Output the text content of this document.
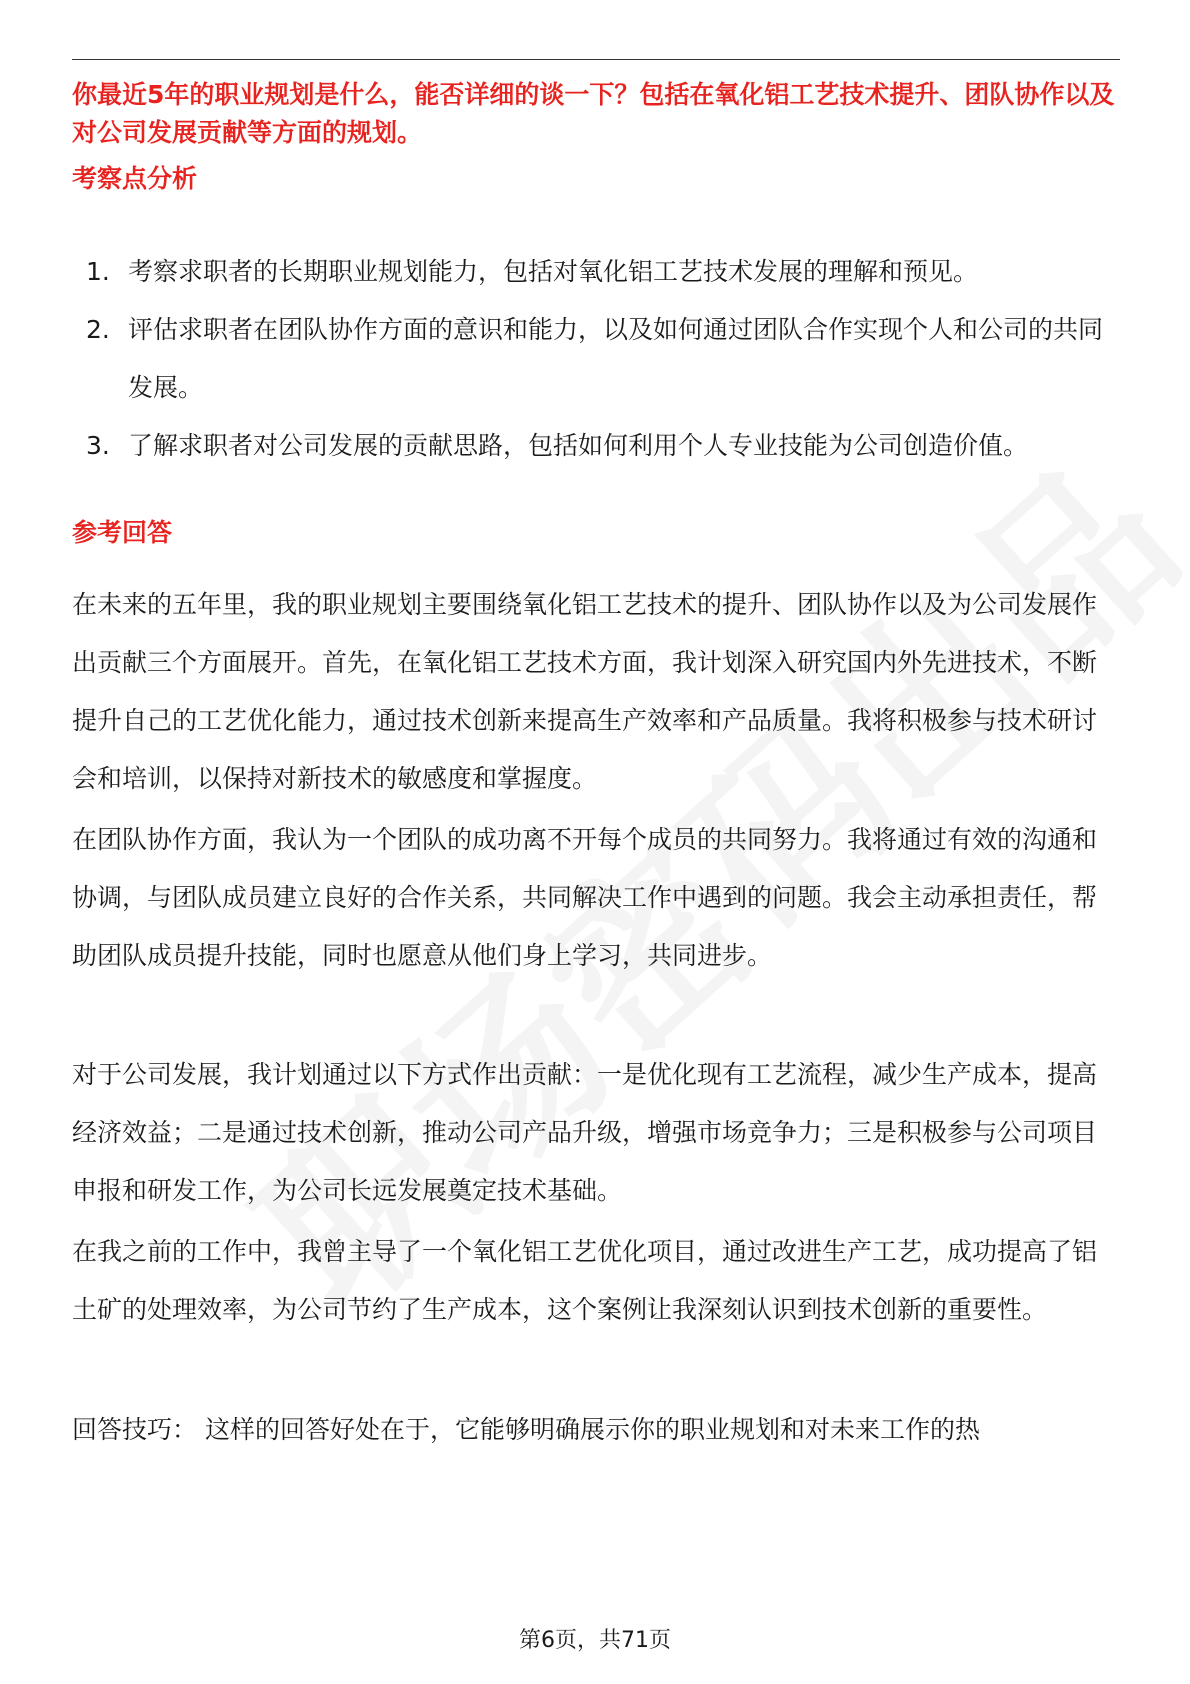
你最近5年的职业规划是什么，能否详细的谈一下？包括在氧化铝工艺技术提升、团队协作以及对公司发展贡献等方面的规划。
考察点分析
1. 考察求职者的长期职业规划能力，包括对氧化铝工艺技术发展的理解和预见。
2. 评估求职者在团队协作方面的意识和能力，以及如何通过团队合作实现个人和公司的共同发展。
3. 了解求职者对公司发展的贡献思路，包括如何利用个人专业技能为公司创造价值。
参考回答

在未来的五年里，我的职业规划主要围绕氧化铝工艺技术的提升、团队协作以及为公司发展作出贡献三个方面展开。首先，在氧化铝工艺技术方面，我计划深入研究国内外先进技术，不断提升自己的工艺优化能力，通过技术创新来提高生产效率和产品质量。我将积极参与技术研讨会和培训，以保持对新技术的敏感度和掌握度。

在团队协作方面，我认为一个团队的成功离不开每个成员的共同努力。我将通过有效的沟通和协调，与团队成员建立良好的合作关系，共同解决工作中遇到的问题。我会主动承担责任，帮助团队成员提升技能，同时也愿意从他们身上学习，共同进步。

对于公司发展，我计划通过以下方式作出贡献：一是优化现有工艺流程，减少生产成本，提高经济效益；二是通过技术创新，推动公司产品升级，增强市场竞争力；三是积极参与公司项目申报和研发工作，为公司长远发展奠定技术基础。

在我之前的工作中，我曾主导了一个氧化铝工艺优化项目，通过改进生产工艺，成功提高了铝土矿的处理效率，为公司节约了生产成本，这个案例让我深刻认识到技术创新的重要性。

回答技巧： 这样的回答好处在于，它能够明确展示你的职业规划和对未来工作的热

第6页，共71页
